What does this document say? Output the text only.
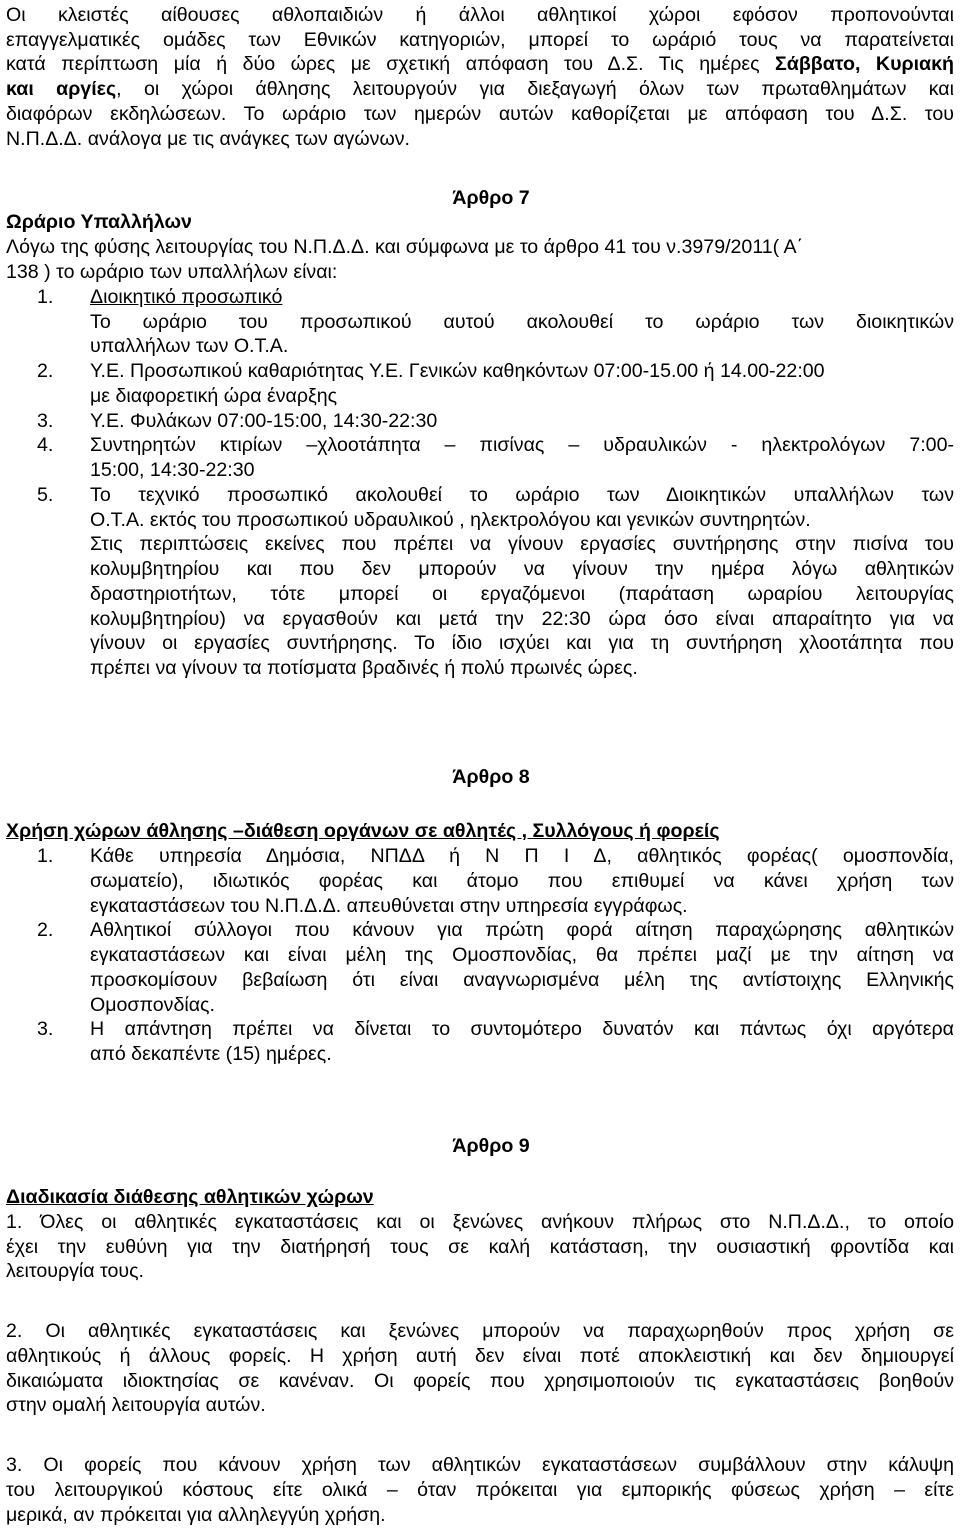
Οι κλειστές αίθουσες αθλοπαιδιών ή άλλοι αθλητικοί χώροι εφόσον προπονούνται
επαγγελματικές ομάδες των Εθνικών κατηγοριών, μπορεί το ωράριό τους να παρατείνεται
κατά περίπτωση μία ή δύο ώρες με σχετική απόφαση του Δ.Σ. Τις ημέρες Σάββατο, Κυριακή
και αργίες, οι χώροι άθλησης λειτουργούν για διεξαγωγή όλων των πρωταθλημάτων και
διαφόρων εκδηλώσεων. Το ωράριο των ημερών αυτών καθορίζεται με απόφαση του Δ.Σ. του
Ν.Π.Δ.Δ. ανάλογα με τις ανάγκες των αγώνων.
Άρθρο 7
Ωράριο Υπαλλήλων
Λόγω της φύσης λειτουργίας του Ν.Π.Δ.Δ. και σύμφωνα με το άρθρο 41 του ν.3979/2011( Α΄
138 ) το ωράριο των υπαλλήλων είναι:
1. Διοικητικό προσωπικό
Το ωράριο του προσωπικού αυτού ακολουθεί το ωράριο των διοικητικών
υπαλλήλων των Ο.Τ.Α.
2. Υ.Ε. Προσωπικού καθαριότητας Υ.Ε. Γενικών καθηκόντων 07:00-15.00 ή 14.00-22:00
με διαφορετική ώρα έναρξης
3. Υ.Ε. Φυλάκων 07:00-15:00, 14:30-22:30
4. Συντηρητών κτιρίων –χλοοτάπητα – πισίνας – υδραυλικών - ηλεκτρολόγων 7:00-
15:00, 14:30-22:30
5. Το τεχνικό προσωπικό ακολουθεί το ωράριο των Διοικητικών υπαλλήλων των
Ο.Τ.Α. εκτός του προσωπικού υδραυλικού , ηλεκτρολόγου και γενικών συντηρητών.
Στις περιπτώσεις εκείνες που πρέπει να γίνουν εργασίες συντήρησης στην πισίνα του
κολυμβητηρίου και που δεν μπορούν να γίνουν την ημέρα λόγω αθλητικών
δραστηριοτήτων, τότε μπορεί οι εργαζόμενοι (παράταση ωραρίου λειτουργίας
κολυμβητηρίου) να εργασθούν και μετά την 22:30 ώρα όσο είναι απαραίτητο για να
γίνουν οι εργασίες συντήρησης. Το ίδιο ισχύει και για τη συντήρηση χλοοτάπητα που
πρέπει να γίνουν τα ποτίσματα βραδινές ή πολύ πρωινές ώρες.
Άρθρο 8
Χρήση χώρων άθλησης –διάθεση οργάνων σε αθλητές , Συλλόγους ή φορείς
1. Κάθε υπηρεσία Δημόσια, ΝΠΔΔ ή Ν Π Ι Δ, αθλητικός φορέας( ομοσπονδία,
σωματείο), ιδιωτικός φορέας και άτομο που επιθυμεί να κάνει χρήση των
εγκαταστάσεων του Ν.Π.Δ.Δ. απευθύνεται στην υπηρεσία εγγράφως.
2. Αθλητικοί σύλλογοι που κάνουν για πρώτη φορά αίτηση παραχώρησης αθλητικών
εγκαταστάσεων και είναι μέλη της Ομοσπονδίας, θα πρέπει μαζί με την αίτηση να
προσκομίσουν βεβαίωση ότι είναι αναγνωρισμένα μέλη της αντίστοιχης Ελληνικής
Ομοσπονδίας.
3. Η απάντηση πρέπει να δίνεται το συντομότερο δυνατόν και πάντως όχι αργότερα
από δεκαπέντε (15) ημέρες.
Άρθρο 9
Διαδικασία διάθεσης αθλητικών χώρων
1. Όλες οι αθλητικές εγκαταστάσεις και οι ξενώνες ανήκουν πλήρως στο Ν.Π.Δ.Δ., το οποίο
έχει την ευθύνη για την διατήρησή τους σε καλή κατάσταση, την ουσιαστική φροντίδα και
λειτουργία τους.
2. Οι αθλητικές εγκαταστάσεις και ξενώνες μπορούν να παραχωρηθούν προς χρήση σε
αθλητικούς ή άλλους φορείς. Η χρήση αυτή δεν είναι ποτέ αποκλειστική και δεν δημιουργεί
δικαιώματα ιδιοκτησίας σε κανέναν. Οι φορείς που χρησιμοποιούν τις εγκαταστάσεις βοηθούν
στην ομαλή λειτουργία αυτών.
3. Οι φορείς που κάνουν χρήση των αθλητικών εγκαταστάσεων συμβάλλουν στην κάλυψη
του λειτουργικού κόστους είτε ολικά – όταν πρόκειται για εμπορικής φύσεως χρήση – είτε
μερικά, αν πρόκειται για αλληλεγγύη χρήση.
